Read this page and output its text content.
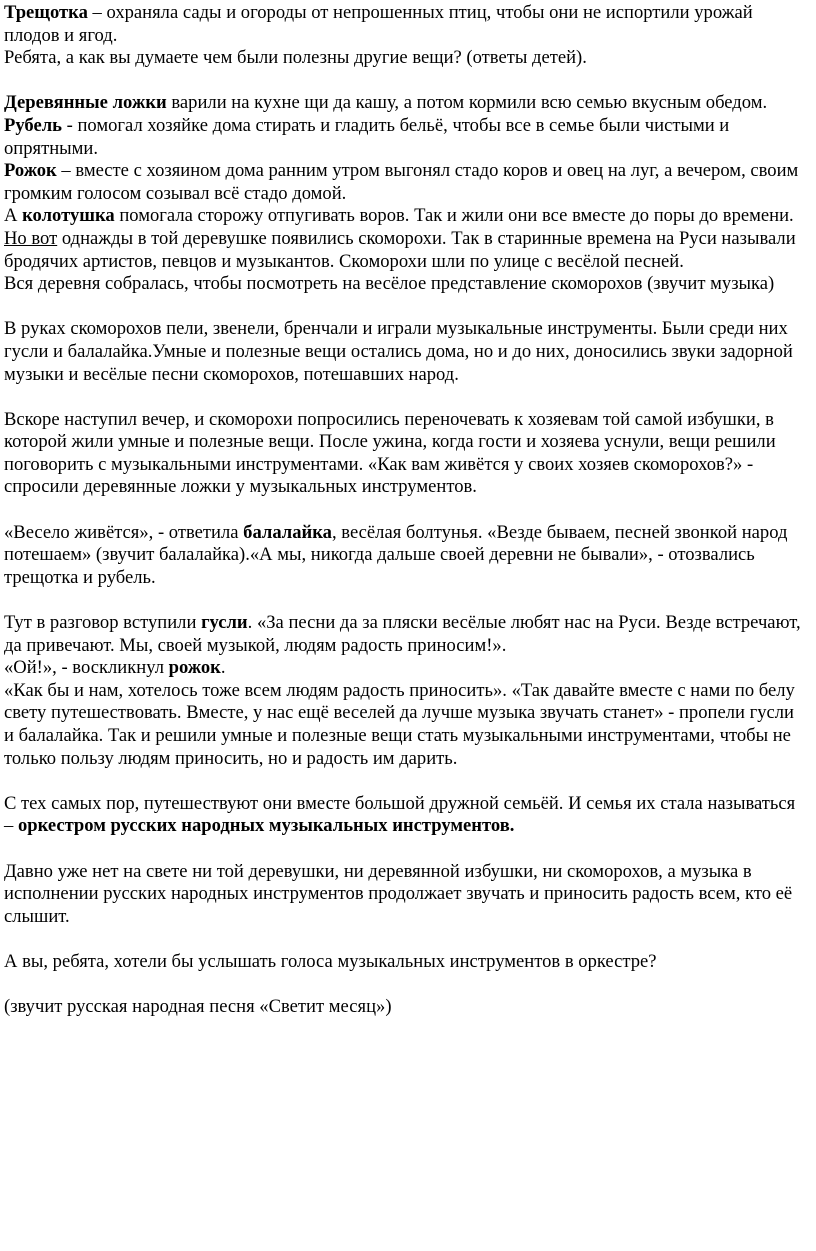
Трещотка – охраняла сады и огороды от непрошенных птиц, чтобы они не испортили урожай плодов и ягод.

Ребята, а как вы думаете чем были полезны другие вещи? (ответы детей).

Деревянные ложки варили на кухне щи да кашу, а потом кормили всю семью вкусным обедом.

Рубель - помогал хозяйке дома стирать и гладить бельё, чтобы все в семье были чистыми и опрятными.

Рожок – вместе с хозяином дома ранним утром выгонял стадо коров и овец на луг, а вечером, своим громким голосом созывал всё стадо домой.

А колотушка помогала сторожу отпугивать воров. Так и жили они все вместе до поры до времени.

Но вот однажды в той деревушке появились скоморохи. Так в старинные времена на Руси называли бродячих артистов, певцов и музыкантов. Скоморохи шли по улице с весёлой песней.

Вся деревня собралась, чтобы посмотреть на весёлое представление скоморохов (звучит музыка)

В руках скоморохов пели, звенели, бренчали и играли музыкальные инструменты. Были среди них гусли и балалайка.Умные и полезные вещи остались дома, но и до них, доносились звуки задорной музыки и весёлые песни скоморохов, потешавших народ.

Вскоре наступил вечер, и скоморохи попросились переночевать к хозяевам той самой избушки, в которой жили умные и полезные вещи. После ужина, когда гости и хозяева уснули, вещи решили поговорить с музыкальными инструментами. «Как вам живётся у своих хозяев скоморохов?» - спросили деревянные ложки у музыкальных инструментов.

«Весело живётся», - ответила балалайка, весёлая болтунья. «Везде бываем, песней звонкой народ потешаем» (звучит балалайка).«А мы, никогда дальше своей деревни не бывали», - отозвались трещотка и рубель.

Тут в разговор вступили гусли. «За песни да за пляски весёлые любят нас на Руси. Везде встречают, да привечают. Мы, своей музыкой, людям радость приносим!».

«Ой!», - воскликнул рожок.

«Как бы и нам, хотелось тоже всем людям радость приносить». «Так давайте вместе с нами по белу свету путешествовать. Вместе, у нас ещё веселей да лучше музыка звучать станет» - пропели гусли и балалайка. Так и решили умные и полезные вещи стать музыкальными инструментами, чтобы не только пользу людям приносить, но и радость им дарить.

С тех самых пор, путешествуют они вместе большой дружной семьёй. И семья их стала называться – оркестром русских народных музыкальных инструментов.

Давно уже нет на свете ни той деревушки, ни деревянной избушки, ни скоморохов, а музыка в исполнении русских народных инструментов продолжает звучать и приносить радость всем, кто её слышит.

А вы, ребята, хотели бы услышать голоса музыкальных инструментов в оркестре?

(звучит русская народная песня «Светит месяц»)
